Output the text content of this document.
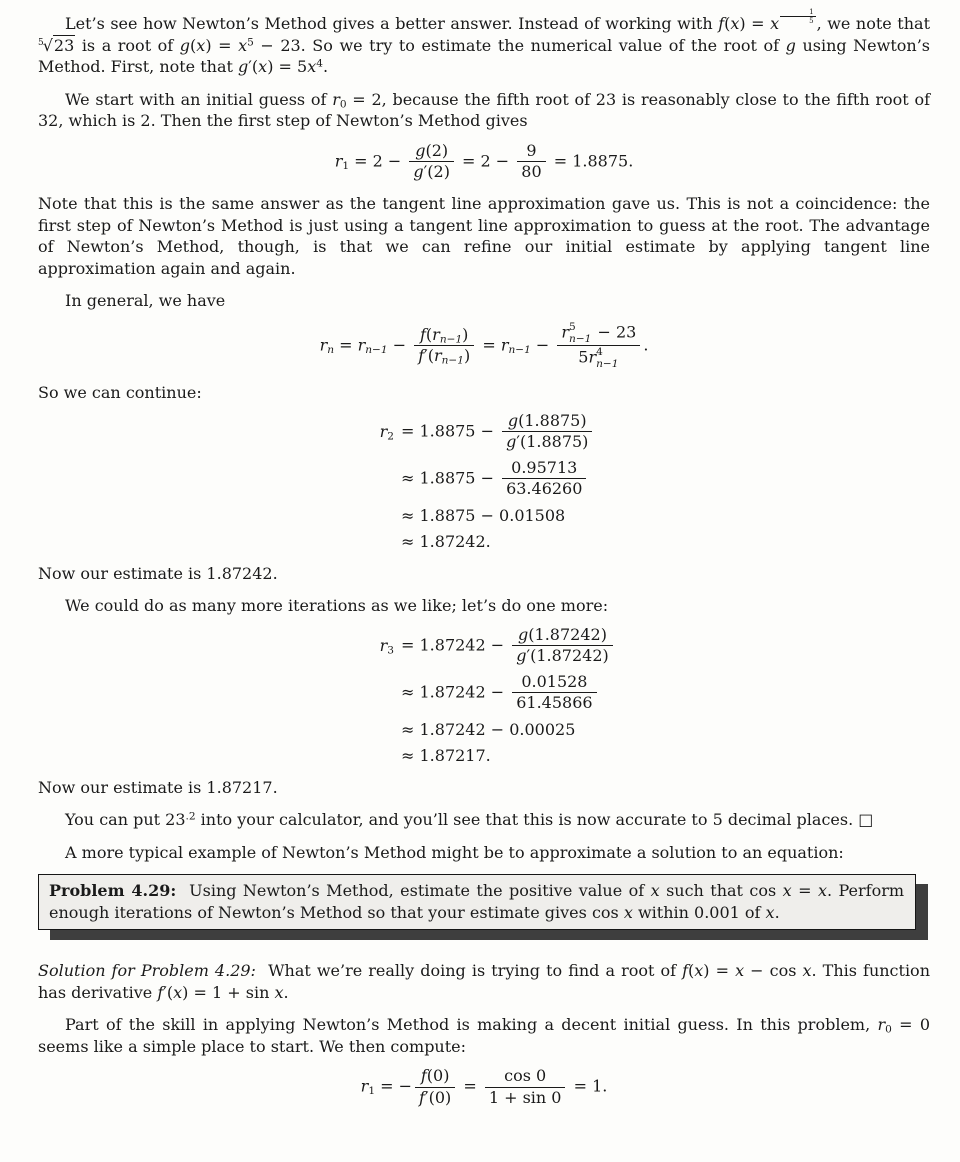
Let’s see how Newton’s Method gives a better answer. Instead of working with f(x) = x $\frac{1}{5}$ , we note that $^5$√23 is a root of $g(x) = x^5 - 23$. So we try to estimate the numerical value of the root of g using Newton’s Method. First, note that $g'(x) = 5x^4$.

We start with an initial guess of $r_0 = 2$, because the fifth root of 23 is reasonably close to the fifth root of 32, which is 2. Then the first step of Newton’s Method gives

$r_1 = 2 - \frac{g(2)}{g'(2)} = 2 - \frac{9}{80} = 1.8875$.

Note that this is the same answer as the tangent line approximation gave us. This is not a coincidence: the first step of Newton’s Method is just using a tangent line approximation to guess at the root. The advantage of Newton’s Method, though, is that we can refine our initial estimate by applying tangent line approximation again and again.

In general, we have

$r_n = r_{n-1} - \frac{f(r_{n-1})}{f'(r_{n-1})} = r_{n-1} - r$ 5
n−1 − 23
5r 4
n−1 .

So we can continue:

$r_2 = 1.8875 - \frac{g(1.8875)}{g'(1.8875)}$
≈ $1.8875 - \frac{0.95713}{63.46260}$
≈ 1.8875 − 0.01508
≈ 1.87242.

Now our estimate is 1.87242.

We could do as many more iterations as we like; let’s do one more:

$r_3 = 1.87242 - \frac{g(1.87242)}{g'(1.87242)}$
≈ $1.87242 - \frac{0.01528}{61.45866}$
≈ 1.87242 − 0.00025
≈ 1.87217.

Now our estimate is 1.87217.

You can put $23^{.2}$ into your calculator, and you’ll see that this is now accurate to 5 decimal places. □

A more typical example of Newton’s Method might be to approximate a solution to an equation:

Problem 4.29:  Using Newton’s Method, estimate the positive value of x such that cos x = x. Perform enough iterations of Newton’s Method so that your estimate gives cos x within 0.001 of x.

Solution for Problem 4.29:  What we’re really doing is trying to find a root of f(x) = x − cos x. This function has derivative f′(x) = 1 + sin x.

Part of the skill in applying Newton’s Method is making a decent initial guess. In this problem, $r_0 = 0$ seems like a simple place to start. We then compute:

$r_1$ = − $\frac{f(0)}{f'(0)} = \frac{\cos 0}{1 + \sin 0} = 1$.
